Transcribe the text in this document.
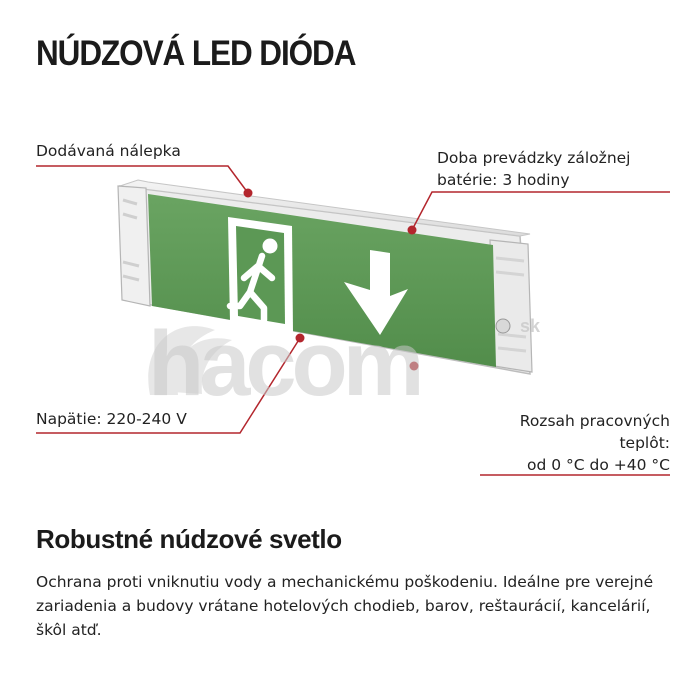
NÚDZOVÁ LED DIÓDA
Dodávaná nálepka	Doba prevádzky záložnej
batérie: 3 hodiny
Napätie: 220-240 V	Rozsah pracovných
teplôt:
od 0 °C do +40 °C
hacom	sk
Robustné núdzové svetlo

Ochrana proti vniknutiu vody a mechanickému poškodeniu. Ideálne pre verejné zariadenia a budovy vrátane hotelových chodieb, barov, reštaurácií, kancelárií, škôl atď.
